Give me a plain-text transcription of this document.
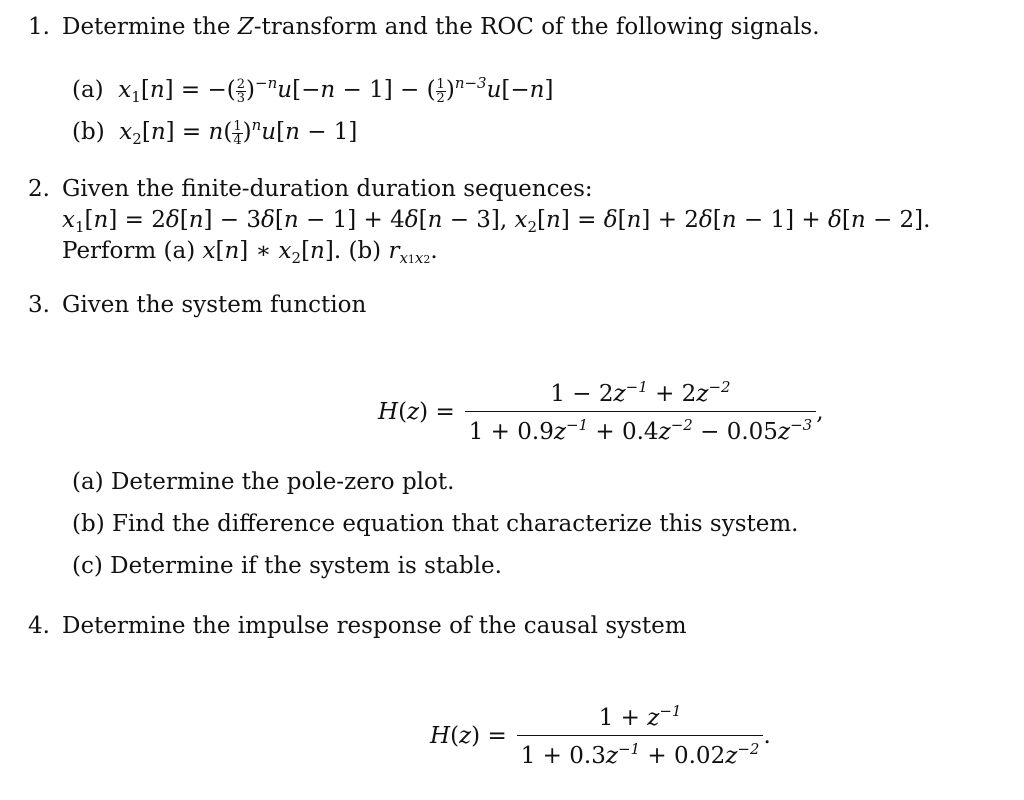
1. Determine the Z-transform and the ROC of the following signals.
(a) $x_1[n]$ = −( $\frac{2}{3} )^{-n}u[-n - 1]$ − ( $\frac{1}{2} )^{n-3}u[-n]$
(b) $x_2[n] = n( \frac{1}{4} )^nu[n - 1]$
2. Given the finite-duration duration sequences:
$x_1[n] = 2\delta[n] - 3\delta[n - 1] + 4\delta[n - 3]$, $x_2[n] = \delta[n] + 2\delta[n - 1] + \delta[n - 2]$.
Perform (a) x[n] ∗ $x_2[n]$. (b) $r_{x1x2}$.
3. Given the system function
H(z) =
$1 - 2z^{-1} + 2z^{-2}$
$1 + 0.9z^{-1} + 0.4z^{-2} - 0.05z^{-3}$
,
(a) Determine the pole-zero plot.
(b) Find the difference equation that characterize this system.
(c) Determine if the system is stable.
4. Determine the impulse response of the causal system
$H(z) = \frac{1 + z^{-1}}{1 + 0.3z^{-1} + 0.02z^{-2}}$ .
